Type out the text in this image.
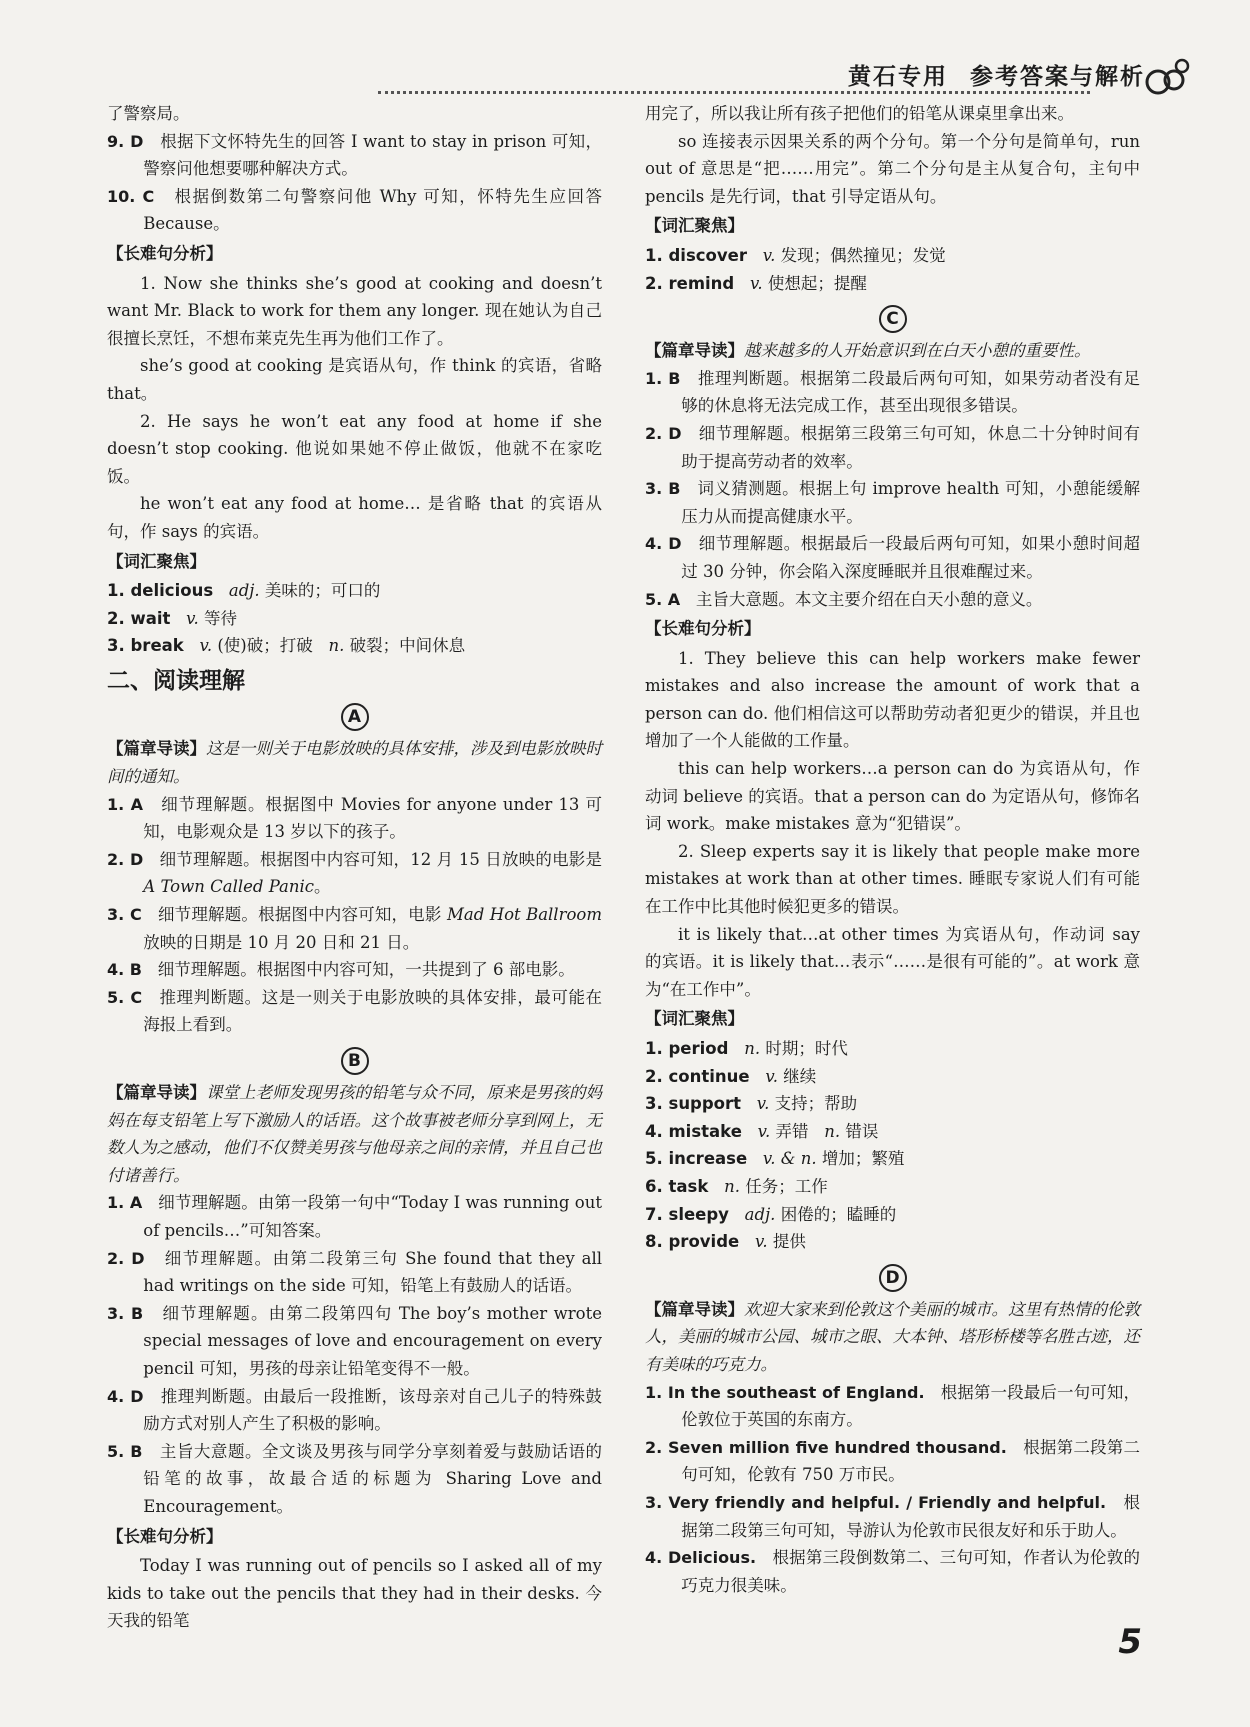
黄石专用 参考答案与解析

了警察局。

9. D 根据下文怀特先生的回答 I want to stay in prison 可知，警察问他想要哪种解决方式。

10. C 根据倒数第二句警察问他 Why 可知，怀特先生应回答 Because。

【长难句分析】

1. Now she thinks she’s good at cooking and doesn’t want Mr. Black to work for them any longer. 现在她认为自己很擅长烹饪，不想布莱克先生再为他们工作了。

she’s good at cooking 是宾语从句，作 think 的宾语，省略 that。

2. He says he won’t eat any food at home if she doesn’t stop cooking. 他说如果她不停止做饭，他就不在家吃饭。

he won’t eat any food at home… 是省略 that 的宾语从句，作 says 的宾语。

【词汇聚焦】

1. delicious adj. 美味的；可口的

2. wait v. 等待

3. break v. (使)破；打破 n. 破裂；中间休息

二、阅读理解
A

【篇章导读】这是一则关于电影放映的具体安排，涉及到电影放映时间的通知。

1. A 细节理解题。根据图中 Movies for anyone under 13 可知，电影观众是 13 岁以下的孩子。

2. D 细节理解题。根据图中内容可知，12 月 15 日放映的电影是 A Town Called Panic。

3. C 细节理解题。根据图中内容可知，电影 Mad Hot Ballroom 放映的日期是 10 月 20 日和 21 日。

4. B 细节理解题。根据图中内容可知，一共提到了 6 部电影。

5. C 推理判断题。这是一则关于电影放映的具体安排，最可能在海报上看到。

B

【篇章导读】课堂上老师发现男孩的铅笔与众不同，原来是男孩的妈妈在每支铅笔上写下激励人的话语。这个故事被老师分享到网上，无数人为之感动，他们不仅赞美男孩与他母亲之间的亲情，并且自己也付诸善行。

1. A 细节理解题。由第一段第一句中“Today I was running out of pencils…”可知答案。

2. D 细节理解题。由第二段第三句 She found that they all had writings on the side 可知，铅笔上有鼓励人的话语。

3. B 细节理解题。由第二段第四句 The boy’s mother wrote special messages of love and encouragement on every pencil 可知，男孩的母亲让铅笔变得不一般。

4. D 推理判断题。由最后一段推断，该母亲对自己儿子的特殊鼓励方式对别人产生了积极的影响。

5. B 主旨大意题。全文谈及男孩与同学分享刻着爱与鼓励话语的铅笔的故事，故最合适的标题为 Sharing Love and Encouragement。

【长难句分析】

Today I was running out of pencils so I asked all of my kids to take out the pencils that they had in their desks. 今天我的铅笔

用完了，所以我让所有孩子把他们的铅笔从课桌里拿出来。

so 连接表示因果关系的两个分句。第一个分句是简单句，run out of 意思是“把……用完”。第二个分句是主从复合句，主句中 pencils 是先行词，that 引导定语从句。

【词汇聚焦】

1. discover v. 发现；偶然撞见；发觉

2. remind v. 使想起；提醒

C

【篇章导读】越来越多的人开始意识到在白天小憩的重要性。

1. B 推理判断题。根据第二段最后两句可知，如果劳动者没有足够的休息将无法完成工作，甚至出现很多错误。

2. D 细节理解题。根据第三段第三句可知，休息二十分钟时间有助于提高劳动者的效率。

3. B 词义猜测题。根据上句 improve health 可知，小憩能缓解压力从而提高健康水平。

4. D 细节理解题。根据最后一段最后两句可知，如果小憩时间超过 30 分钟，你会陷入深度睡眠并且很难醒过来。

5. A 主旨大意题。本文主要介绍在白天小憩的意义。

【长难句分析】

1. They believe this can help workers make fewer mistakes and also increase the amount of work that a person can do. 他们相信这可以帮助劳动者犯更少的错误，并且也增加了一个人能做的工作量。

this can help workers…a person can do 为宾语从句，作动词 believe 的宾语。that a person can do 为定语从句，修饰名词 work。make mistakes 意为“犯错误”。

2. Sleep experts say it is likely that people make more mistakes at work than at other times. 睡眠专家说人们有可能在工作中比其他时候犯更多的错误。

it is likely that…at other times 为宾语从句，作动词 say 的宾语。it is likely that…表示“……是很有可能的”。at work 意为“在工作中”。

【词汇聚焦】

1. period n. 时期；时代

2. continue v. 继续

3. support v. 支持；帮助

4. mistake v. 弄错 n. 错误

5. increase v. & n. 增加；繁殖

6. task n. 任务；工作

7. sleepy adj. 困倦的；瞌睡的

8. provide v. 提供

D

【篇章导读】欢迎大家来到伦敦这个美丽的城市。这里有热情的伦敦人，美丽的城市公园、城市之眼、大本钟、塔形桥楼等名胜古迹，还有美味的巧克力。

1. In the southeast of England. 根据第一段最后一句可知，伦敦位于英国的东南方。

2. Seven million five hundred thousand. 根据第二段第二句可知，伦敦有 750 万市民。

3. Very friendly and helpful. / Friendly and helpful. 根据第二段第三句可知，导游认为伦敦市民很友好和乐于助人。

4. Delicious. 根据第三段倒数第二、三句可知，作者认为伦敦的巧克力很美味。

5
